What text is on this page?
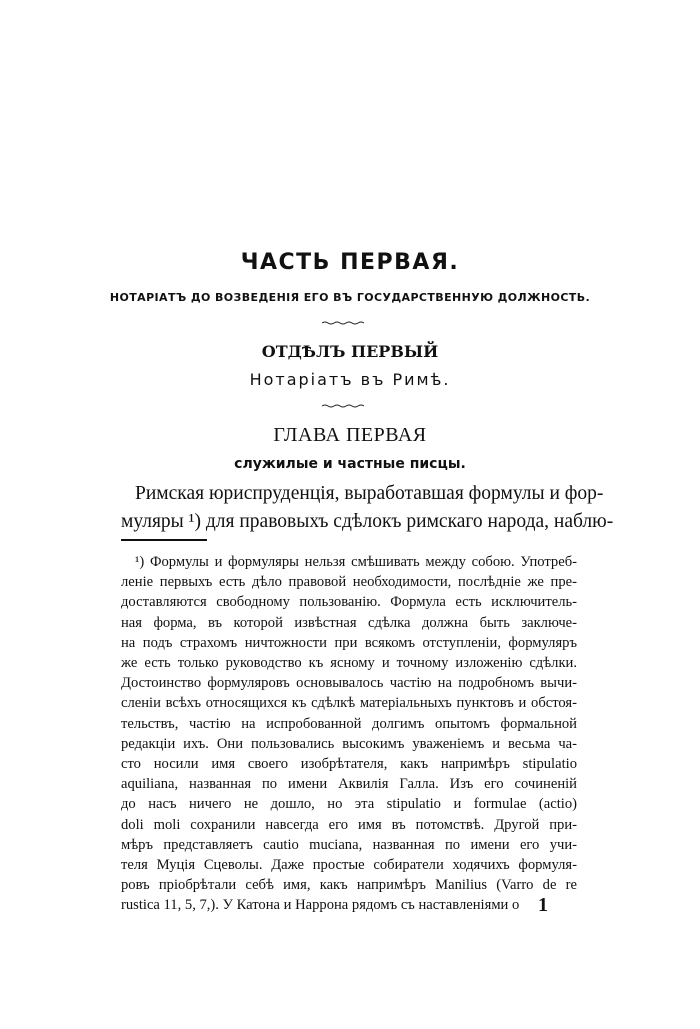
ЧАСТЬ ПЕРВАЯ.
НОТАРІАТЪ ДО ВОЗВЕДЕНІЯ ЕГО ВЪ ГОСУДАРСТВЕННУЮ ДОЛЖНОСТЬ.
ОТДѢЛЪ ПЕРВЫЙ
Нотаріатъ въ Римѣ.
ГЛАВА ПЕРВАЯ
служилые и частные писцы.
Римская юриспруденція, выработавшая формулы и фор-
муляры ¹) для правовыхъ сдѣлокъ римскаго народа, наблю-
¹) Формулы и формуляры нельзя смѣшивать между собою. Употреб-
леніе первыхъ есть дѣло правовой необходимости, послѣдніе же пре-
доставляются свободному пользованію. Формула есть исключитель-
ная форма, въ которой извѣстная сдѣлка должна быть заключе-
на подъ страхомъ ничтожности при всякомъ отступленіи, формуляръ
же есть только руководство къ ясному и точному изложенію сдѣлки.
Достоинство формуляровъ основывалось частію на подробномъ вычи-
сленіи всѣхъ относящихся къ сдѣлкѣ матеріальныхъ пунктовъ и обстоя-
тельствъ, частію на испробованной долгимъ опытомъ формальной
редакціи ихъ. Они пользовались высокимъ уваженіемъ и весьма ча-
сто носили имя своего изобрѣтателя, какъ напримѣръ stipulatio
aquiliana, названная по имени Аквилія Галла. Изъ его сочиненій
до насъ ничего не дошло, но эта stipulatio и formulae (actio)
doli moli сохранили навсегда его имя въ потомствѣ. Другой при-
мѣръ представляетъ cautio muciana, названная по имени его учи-
теля Муція Сцеволы. Даже простые собиратели ходячихъ формуля-
ровъ пріобрѣтали себѣ имя, какъ напримѣръ Manilius (Varro de re
rustica 11, 5, 7,). У Катона и Наррона рядомъ съ наставленіями о 1
